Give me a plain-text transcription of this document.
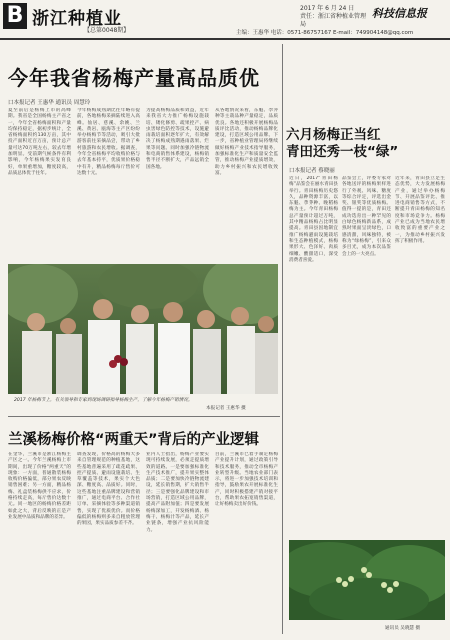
B 浙江种植业
【总第0048期】
2017 年 6 月 24 日
责任：浙江省种植业管理局
科技信息报
主编：王惠华 电话：0571-86757167 E-mail：749904148@qq.com
今年我省杨梅产量高品质优
口本报记者 王惠华 通讯员 周慧玲
夏至前后是杨梅上市的高峰期。我省是全国杨梅主产省之一，今年全省杨梅面积和产量均保持稳定，据初步统计，全省杨梅面积约130万亩，其中投产面积近百万亩，预计总产量可达70万吨左右，较去年增加明显。受前期气候条件有利影响，今年杨梅果实发育良好，单果重增加，糖度较高，品质总体优于往年。
今年杨梅成熟期比往年略有提前，各地杨梅采摘陆续进入高峰。仙居、慈溪、余姚、兰溪、黄岩、瓯海等主产区纷纷举办杨梅节等活动，吸引大批游客前往采摘品尝，带动了乡村旅游和农民增收。据调查，今年全省杨梅平均收购价格与去年基本持平，优质果价格稳中有升，精品杨梅每斤售价可达数十元。
为提高杨梅品质和效益，近年来我省大力推广杨梅设施栽培、矮化修剪、疏果控产、病虫害绿色防控等技术，设施避雨栽培面积逐年扩大，有效解决了杨梅成熟期遇雨落果、烂果等问题。同时加强冷链物流和电商销售体系建设，杨梅销售半径不断扩大，产品远销全国各地。
从各地情况来看，东魁、荸荠种等主栽品种产量稳定，品质优良。各地还积极开展杨梅品质评比活动，推动杨梅品牌化建设，打造区域公用品牌。下一步，省种植业管理局将继续做好杨梅产业技术指导服务，加强标准化生产和质量安全监管，推动杨梅产业提质增效，助力乡村振兴和农民增收致富。
2017 年杨梅节上，有关领导和专家到现场调研指导杨梅生产，了解今年杨梅产销情况。
本报记者 王惠华 摄
六月杨梅正当红
青田还秀一枝“绿”
口本报记者 蔡晓丽
近日，2017“青田杨梅”品鉴会在丽水青田县举行。青田杨梅历史悠久，品种资源丰富，以东魁、荸荠种、晚稻杨梅为主。今年青田杨梅总产量预计超过万吨，其中精品杨梅占比明显提高。青田县因地制宜推广杨梅避雨设施栽培和生态种植模式，杨梅果形大、色泽好、肉质细嫩、酸甜适口，深受消费者喜爱。
品鉴会上，评委专家对各地送评的杨梅果样进行了外观、风味、糖度等综合评定，评选出金奖、银奖等优质杨梅。值得一提的是，青田还成功选育出一种罕见的白绿色杨梅新品系，成熟时果面呈淡绿色，口感清甜，风味独特，被称为“绿杨梅”，引来众多目光，成为本次品鉴会上的一大亮点。
近年来，青田县立足生态优势，大力发展杨梅产业，通过举办杨梅节、开展品鉴评比、推进电商销售等方式，不断提升青田杨梅的知名度和市场竞争力。杨梅产业已成为当地农民增收致富的重要产业之一，为推动乡村振兴发挥了积极作用。
通讯员 吴晓慧 摄
兰溪杨梅价格“两重天”背后的产业逻辑
在金华，兰溪市是浙江杨梅主产区之一。今年兰溪杨梅上市期间，出现了价格“两重天”的现象：一方面，普通散装杨梅收购价格偏低，部分果农反映销售困难；另一方面，精品杨梅、礼盒装杨梅供不应求，价格持续走高，每斤售价达数十元。同一地区的杨梅价格差距如此之大，背后反映的正是产业发展中品质和品牌的差异。
调查发现，价格高的杨梅大多来自管理规范的种植基地，这些基地普遍采用了疏花疏果、控产提质、避雨设施栽培、生草覆盖等技术，果实个大色深、糖度高、品质好。同时，这些基地注重品牌建设和营销推广，通过电商平台、合作社订单、采摘体验等多种渠道销售，实现了优质优价。而价格偏低的杨梅则多来自粗放管理的果园，果实品质参差不齐。
业内人士指出，杨梅产业要实现可持续发展，必须走提质增效的道路。一是要加强标准化生产技术推广，提升果实整体品质；二是要加快冷链物流建设，延长销售期，扩大销售半径；三是要强化品牌建设和市场营销，打造区域公用品牌，提高产品附加值；四是要发展杨梅深加工，开发杨梅酒、杨梅干、杨梅汁等产品，延长产业链条，增强产业抗风险能力。
目前，兰溪市已着手制定杨梅产业提升计划，通过政策引导和技术服务，推动全市杨梅产业转型升级。当地农业部门表示，将进一步加强技术培训和指导，鼓励果农开展标准化生产，同时积极搭建产销对接平台，帮助果农拓宽销售渠道，让好杨梅卖出好价钱。
